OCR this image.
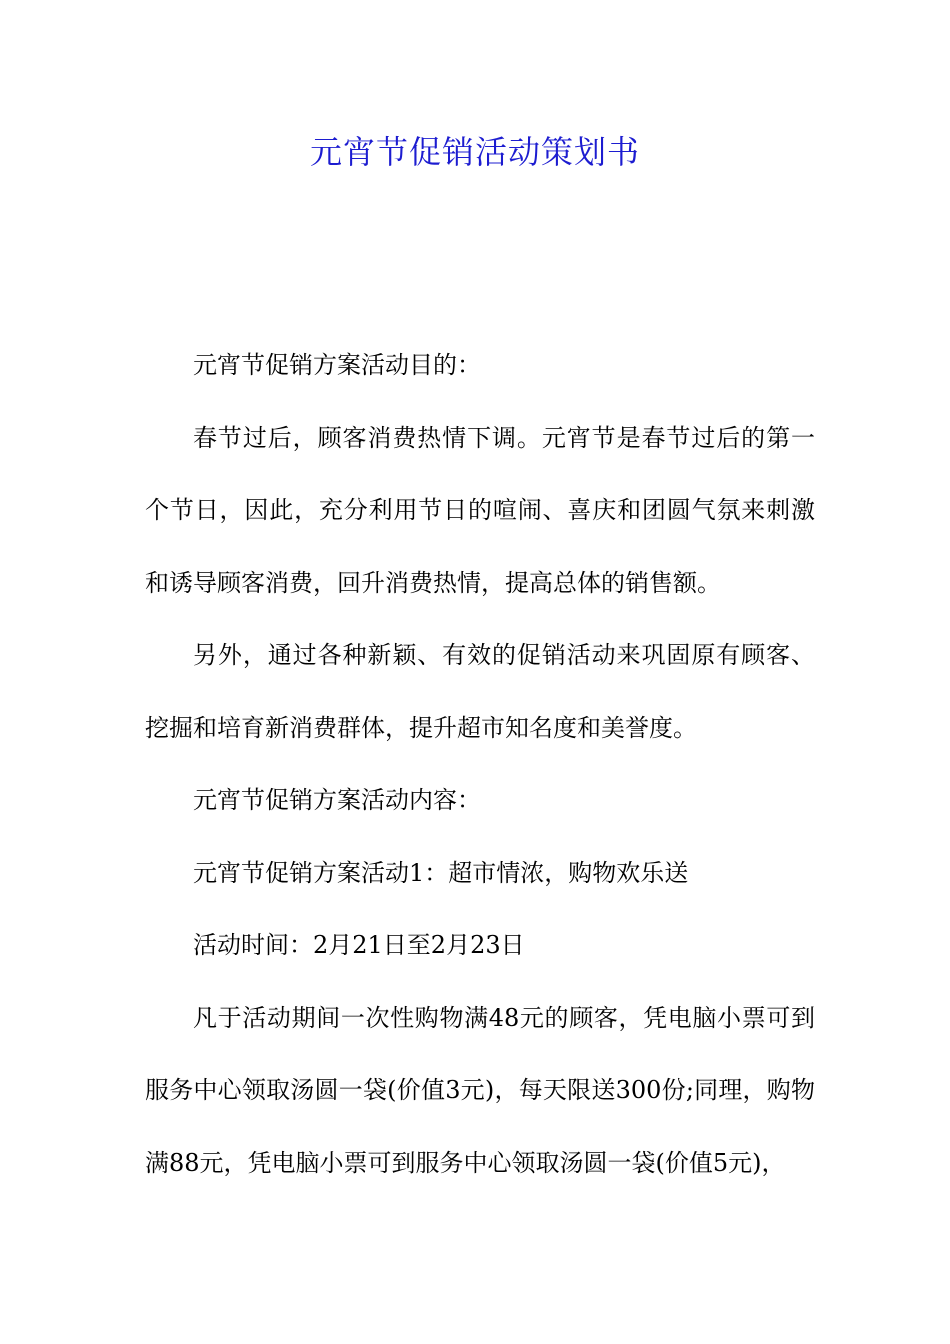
元宵节促销活动策划书

元宵节促销方案活动目的：

春节过后，顾客消费热情下调。元宵节是春节过后的第一个节日，因此，充分利用节日的喧闹、喜庆和团圆气氛来刺激和诱导顾客消费，回升消费热情，提高总体的销售额。

另外，通过各种新颖、有效的促销活动来巩固原有顾客、挖掘和培育新消费群体，提升超市知名度和美誉度。

元宵节促销方案活动内容：

元宵节促销方案活动1：超市情浓，购物欢乐送

活动时间：2月21日至2月23日

凡于活动期间一次性购物满48元的顾客，凭电脑小票可到服务中心领取汤圆一袋(价值3元)，每天限送300份;同理，购物满88元，凭电脑小票可到服务中心领取汤圆一袋(价值5元)，
